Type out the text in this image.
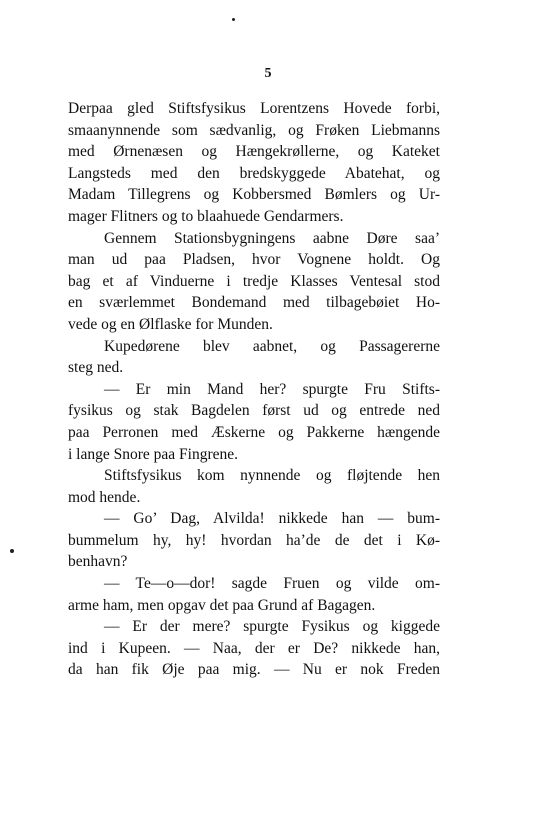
5
Derpaa gled Stiftsfysikus Lorentzens Hovede forbi,
smaanynnende som sædvanlig, og Frøken Liebmanns
med Ørnenæsen og Hængekrøllerne, og Kateket
Langsteds med den bredskyggede Abatehat, og
Madam Tillegrens og Kobbersmed Bømlers og Ur-
mager Flitners og to blaahuede Gendarmers.
Gennem Stationsbygningens aabne Døre saa’
man ud paa Pladsen, hvor Vognene holdt. Og
bag et af Vinduerne i tredje Klasses Ventesal stod
en sværlemmet Bondemand med tilbagebøiet Ho-
vede og en Ølflaske for Munden.
Kupedørene blev aabnet, og Passagererne
steg ned.
— Er min Mand her? spurgte Fru Stifts-
fysikus og stak Bagdelen først ud og entrede ned
paa Perronen med Æskerne og Pakkerne hængende
i lange Snore paa Fingrene.
Stiftsfysikus kom nynnende og fløjtende hen
mod hende.
— Go’ Dag, Alvilda! nikkede han — bum-
bummelum hy, hy! hvordan ha’de de det i Kø-
benhavn?
— Te—o—dor! sagde Fruen og vilde om-
arme ham, men opgav det paa Grund af Bagagen.
— Er der mere? spurgte Fysikus og kiggede
ind i Kupeen. — Naa, der er De? nikkede han,
da han fik Øje paa mig. — Nu er nok Freden
